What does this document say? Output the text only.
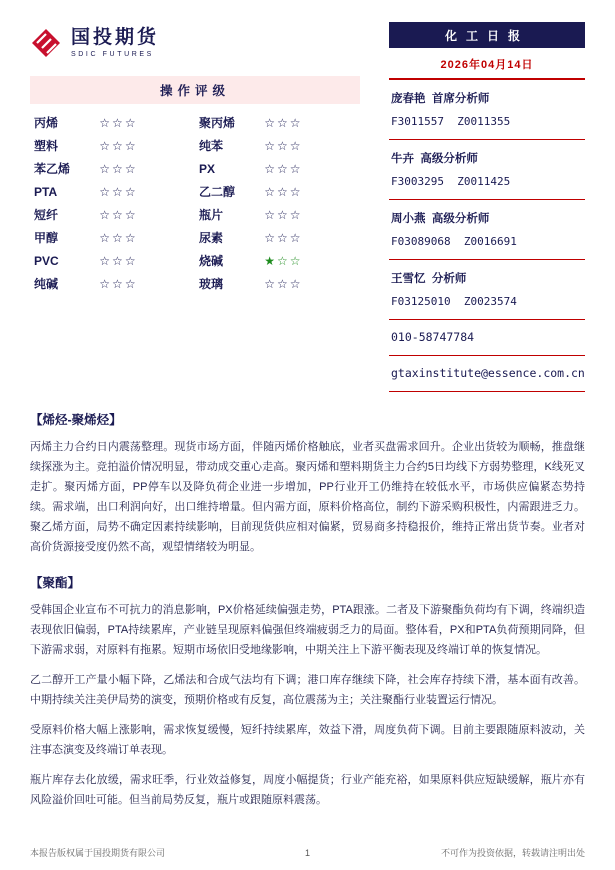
国投期货
SDIC FUTURES
操作评级
丙烯	☆☆☆	聚丙烯	☆☆☆
塑料	☆☆☆	纯苯	☆☆☆
苯乙烯	☆☆☆	PX	☆☆☆
PTA	☆☆☆	乙二醇	☆☆☆
短纤	☆☆☆	瓶片	☆☆☆
甲醇	☆☆☆	尿素	☆☆☆
PVC	☆☆☆	烧碱	★☆☆
纯碱	☆☆☆	玻璃	☆☆☆
化工日报
2026年04月14日
庞春艳  首席分析师
F3011557  Z0011355
牛卉  高级分析师
F3003295  Z0011425
周小燕  高级分析师
F03089068  Z0016691
王雪忆  分析师
F03125010  Z0023574
010-58747784
gtaxinstitute@essence.com.cn
【烯烃-聚烯烃】

丙烯主力合约日内震荡整理。现货市场方面，伴随丙烯价格触底，业者买盘需求回升。企业出货较为顺畅，推盘继续探涨为主。竞拍溢价情况明显，带动成交重心走高。聚丙烯和塑料期货主力合约5日均线下方弱势整理，K线死叉走扩。聚丙烯方面，PP停车以及降负荷企业进一步增加，PP行业开工仍维持在较低水平，市场供应偏紧态势持续。需求端，出口利润向好，出口维持增量。但内需方面，原料价格高位，制约下游采购积极性，内需跟进乏力。聚乙烯方面，局势不确定因素持续影响，目前现货供应相对偏紧，贸易商多持稳报价，维持正常出货节奏。业者对高价货源接受度仍然不高，观望情绪较为明显。

【聚酯】

受韩国企业宣布不可抗力的消息影响，PX价格延续偏强走势，PTA跟涨。二者及下游聚酯负荷均有下调，终端织造表现依旧偏弱，PTA持续累库，产业链呈现原料偏强但终端疲弱乏力的局面。整体看，PX和PTA负荷预期同降，但下游需求弱，对原料有拖累。短期市场依旧受地缘影响，中期关注上下游平衡表现及终端订单的恢复情况。

乙二醇开工产量小幅下降，乙烯法和合成气法均有下调；港口库存继续下降，社会库存持续下滑，基本面有改善。中期持续关注美伊局势的演变，预期价格或有反复，高位震荡为主；关注聚酯行业装置运行情况。

受原料价格大幅上涨影响，需求恢复缓慢，短纤持续累库，效益下滑，周度负荷下调。目前主要跟随原料波动，关注事态演变及终端订单表现。

瓶片库存去化放缓，需求旺季，行业效益修复，周度小幅提货；行业产能充裕，如果原料供应短缺缓解，瓶片亦有风险溢价回吐可能。但当前局势反复，瓶片或跟随原料震荡。

1
本报告版权属于国投期货有限公司	不可作为投资依据，转载请注明出处
